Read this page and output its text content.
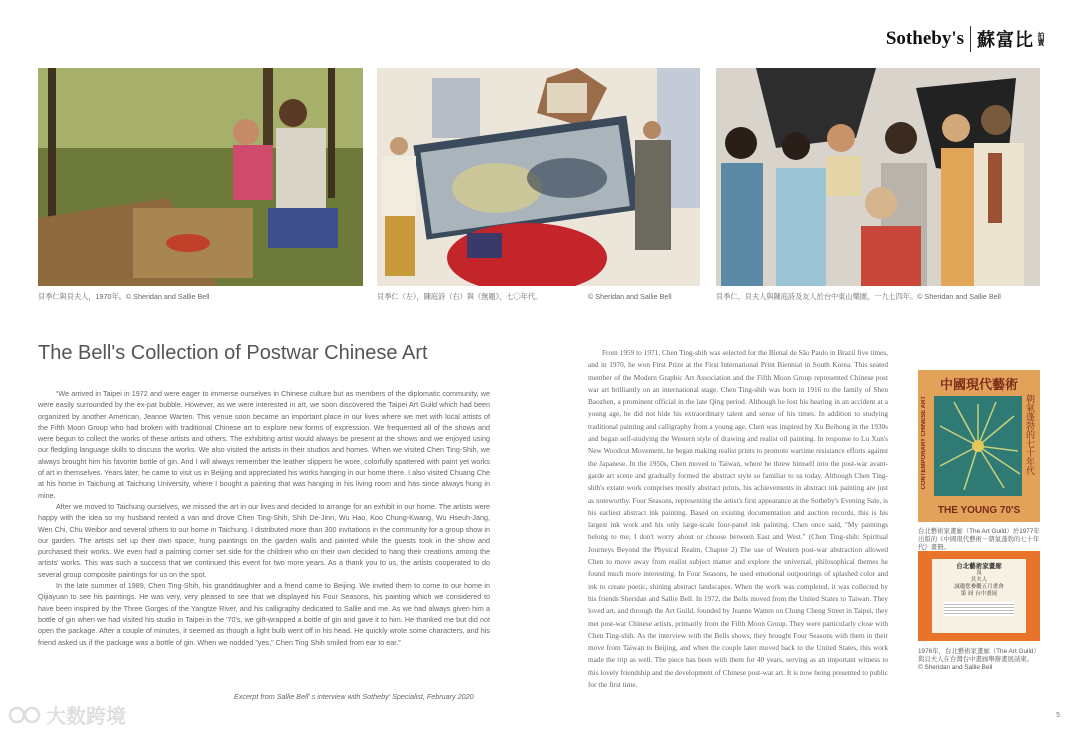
Sotheby's 蘇富比 拍賣
貝季仁與貝夫人，1970年。© Sheridan and Sallie Bell	貝季仁（左），陳庭詩（右）與《無題》，七〇年代。	© Sheridan and Sallie Bell	貝季仁、貝夫人與陳庭詩及友人於台中東山樂園，一九七四年。© Sheridan and Sallie Bell
The Bell's Collection of Postwar Chinese Art

“We arrived in Taipei in 1972 and were eager to immerse ourselves in Chinese culture but as members of the diplomatic community, we were easily surrounded by the ex-pat bubble. However, as we were interested in art, we soon discovered the Taipei Art Guild which had been organized by another American, Jeanne Warten. This venue soon became an important place in our lives where we met with local artists of the Fifth Moon Group who had broken with traditional Chinese art to explore new forms of expression. We frequented all of the shows and were begun to collect the works of these artists and others. The exhibiting artist would always be present at the shows and we enjoyed using our fledgling language skills to discuss the works. We also visited the artists in their studios and homes. When we visited Chen Ting-Shih, we always brought him his favorite bottle of gin. And I will always remember the leather slippers he wore, colorfully spattered with paint yet works of art in themselves. Years later, he came to visit us in Beijing and appreciated his works hanging in our home there. I also visited Chuang Che at his home in Taichung at Taichung University, where I bought a painting that was hanging in his living room and has since always hung in mine.

After we moved to Taichung ourselves, we missed the art in our lives and decided to arrange for an exhibit in our home. The artists were happy with the idea so my husband rented a van and drove Chen Ting-Shih, Shih De-Jinn, Wu Hao, Koo Chung-Kwang, Wu Hseuh-Jang, Wen Chi, Chu Weibor and several others to our home in Taichung. I distributed more than 300 invitations in the community for a group show in our garden. The artists set up their own space, hung paintings on the garden walls and painted while the guests took in the show and purchased their works. We even had a painting corner set side for the children who on their own decided to hang their creations among the artists' works. This was such a success that we continued this event for two more years. As a thank you to us, the artists cooperated to do several group composite paintings for us on the spot.

In the late summer of 1989, Chen Ting-Shih, his granddaughter and a friend came to Beijing. We invited them to come to our home in Qijiayuan to see his paintings. He was very, very pleased to see that we displayed his Four Seasons, his painting which we considered to have been inspired by the Three Gorges of the Yangtze River, and his calligraphy dedicated to Sallie and me. As we had always given him a bottle of gin when we had visited his studio in Taipei in the '70's, we gift-wrapped a bottle of gin and gave it to him. He thanked me but did not open the package. After a couple of minutes, it seemed as though a light bulb went off in his head. He quickly wrote some characters, and his friend asked us if the package was a bottle of gin. When we nodded "yes," Chen Ting Shih smiled from ear to ear.”

Excerpt from Sallie Bell' s interview with Sotheby' Specialist, February 2020

From 1959 to 1971, Chen Ting-shih was selected for the Bienal de São Paulo in Brazil five times, and in 1970, he won First Prize at the First International Print Biennial in South Korea. This seated member of the Modern Graphic Art Association and the Fifth Moon Group represented Chinese post war art brilliantly on an international stage. Chen Ting-shih was born in 1916 to the family of Shen Baozhen, a prominent official in the late Qing period. Although he lost his hearing in an accident at a young age, he did not hide his extraordinary talent and sense of his times. In addition to studying traditional painting and calligraphy from a young age, Chen was inspired by Xu Beihong in the 1930s and began self-studying the Western style of drawing and realist oil painting. In response to Lu Xun's New Woodcut Movement, he began making realist prints to promote wartime resistance efforts against the Japanese. In the 1950s, Chen moved to Taiwan, where he threw himself into the post-war avant-garde art scene and gradually formed the abstract style so familiar to us today. Although Chen Ting-shih's extant work comprises mostly abstract prints, his achievements in abstract ink painting are just as noteworthy. Four Seasons, representing the artist's first appearance at the Sotheby's Evening Sale, is his earliest abstract ink painting. Based on existing documentation and auction records, this is his largest ink work and his only large-scale four-panel ink painting. Chen once said, "My paintings belong to me; I don't worry about or choose between East and West." (Chen Ting-shih: Spiritual Journeys Beyond the Physical Realm, Chapter 2) The use of Western post-war abstraction allowed Chen to move away from realist subject matter and explore the universal, philosophical themes he found much more interesting. In Four Seasons, he used emotional outpourings of splashed color and ink to create poetic, shining abstract landscapes. When the work was completed, it was collected by his friends Sheridan and Sallie Bell. In 1972, the Bells moved from the United States to Taiwan. They loved art, and through the Art Guild, founded by Jeanne Watten on Chung Cheng Street in Taipei, they met post-war Chinese artists, primarily from the Fifth Moon Group. They were particularly close with Chen Ting-shih. As the interview with the Bells shows, they brought Four Seasons with them in their move from Taiwan to Beijing, and when the couple later moved back to the United States, this work made the trip as well. The piece has been with them for 40 years, serving as an important witness to this lovely friendship and the development of Chinese post-war art. It is now being presented to public for the first time.

中國現代藝術
朝氣蓬勃的七十年代
CONTEMPORARY CHINESE ART
THE YOUNG 70'S
台北藝術家畫廊（The Art Guild）於1977年出版的《中國現代藝術－朝氣蓬勃的七十年代》畫冊。
台北藝術家畫廊
及
貝夫人
誠邀您參觀五月畫會
第 屆 台中畫展
1976年，台北藝術家畫廊（The Art Guild）與貝夫人在台灣台中畫廊舉辦畫展請柬。
© Sheridan and Sallie Bell
大数跨境	5
